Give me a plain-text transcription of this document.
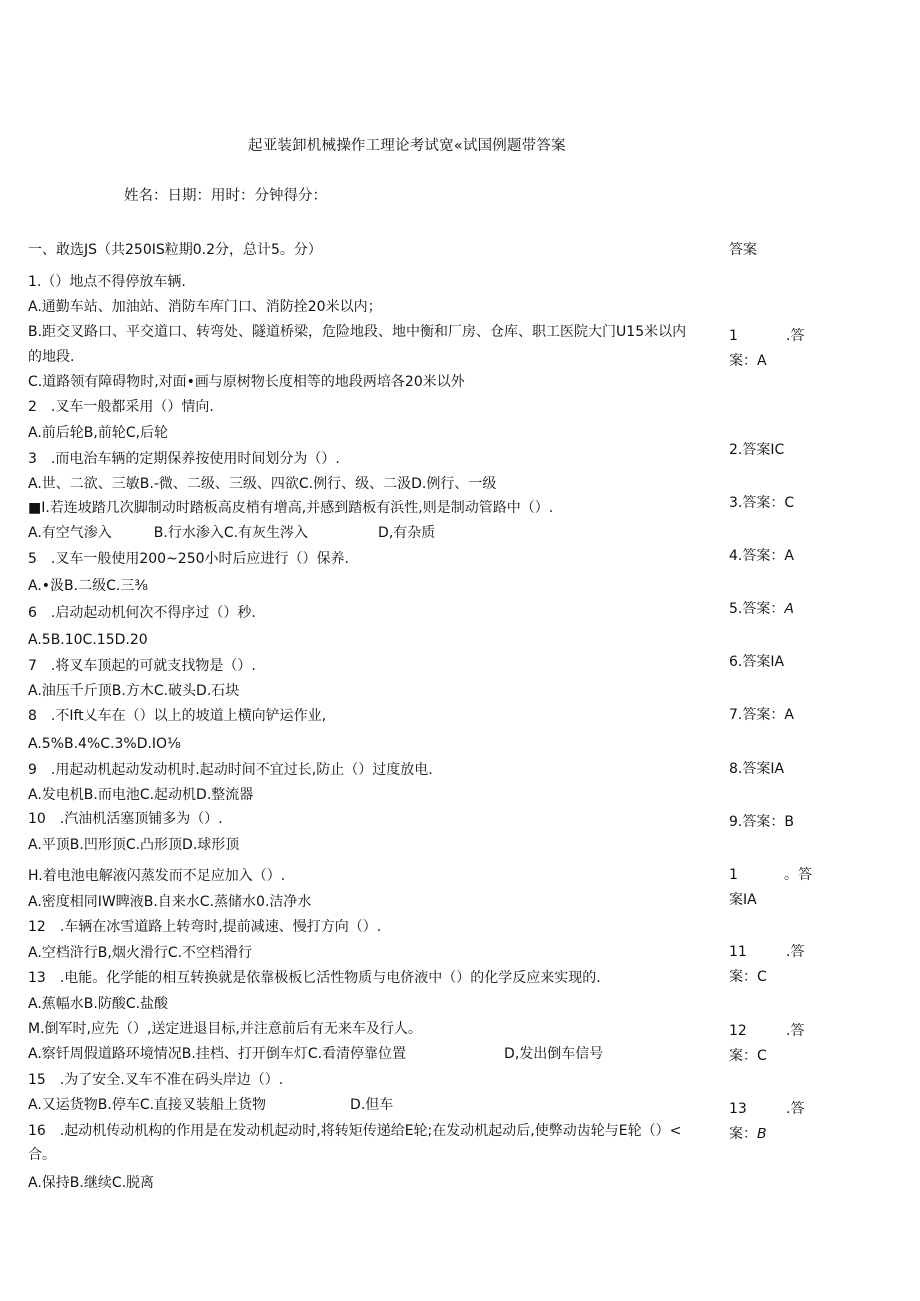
起亚装卸机械操作工理论考试宽«试国例题带答案
姓名：日期：用时：分钟得分：
一、敢选JS（共250IS粒期0.2分，总计5。分）	答案
1.（）地点不得停放车辆.
A.通勤车站、加油站、消防车库门口、消防拴20米以内；
B.距交叉路口、平交道口、转弯处、隧道桥梁，危险地段、地中衡和厂房、仓库、职工医院大门U15米以内
的地段.
C.道路领有障碍物时,对面•画与原树物长度相等的地段两培各20米以外
2　.叉车一般都采用（）情向.
A.前后轮B,前轮C,后轮
3　.而电治车辆的定期保养按使用时间划分为（）.
A.世、二欲、三敏B.-微、二级、三级、四欲C.例行、级、二汲D.例行、一级
■I.若连坡踏几次脚制动时踏板高皮梢有增高,并感到踏板有浜性,则是制动管路中（）.
A.有空气渗入　　　B.行水渗入C.有灰生涔入　　　　　D,有杂质
5　.叉车一般使用200~250小时后应进行（）保养.
A.•汲B.二级C.三⅜
6　.启动起动机何次不得序过（）秒.
A.5B.10C.15D.20
7　.将叉车顶起的可就支找物是（）.
A.油压千斤顶B.方木C.破头D.石块
8　.不Ift乂车在（）以上的坡道上横向铲运作业,
A.5%B.4%C.3%D.IO⅛
9　.用起动机起动发动机时.起动时间不宜过长,防止（）过度放电.
A.发电机B.而电池C.起动机D.整流器
10　.汽油机活塞顶铺多为（）.
A.平顶B.凹形顶C.凸形顶D.球形顶
H.着电池电解液闪蒸发而不足应加入（）.
A.密度相同IW睥液B.自来水C.蒸储水0.洁净水
12　.车辆在冰雪道路上转弯时,提前减速、慢打方向（）.
A.空档浒行B,烟火滑行C.不空档滑行
13　.电能。化学能的相互转换就是依靠极板匕活性物质与电侪液中（）的化学反应来实现的.
A.蕉幅水B.防酸C.盐酸
M.倒军时,应先（）,送定进退目标,并注意前后有无来车及行人。
A.察钎周假道路环境情况B.挂档、打开倒车灯C.看清停靠位置　　　　　　　D,发出倒车信号
15　.为了安全.叉车不准在码头岸边（）.
A.又运货物B.停车C.直接叉装船上货物　　　　　　D.但车
16　.起动机传动机构的作用是在发动机起动时,将转矩传递给E轮;在发动机起动后,使弊动齿轮与E轮（）<
合。
A.保持B.继续C.脱离
1	.答
案：A
2.答案IC
3.答案：C
4.答案：A
5.答案：𝘈
6.答案IA
7.答案：A
8.答案IA
9.答案：B
1	。答
案IA
11	.答
案：C
12	.答
案：C
13	.答
案：𝘉
